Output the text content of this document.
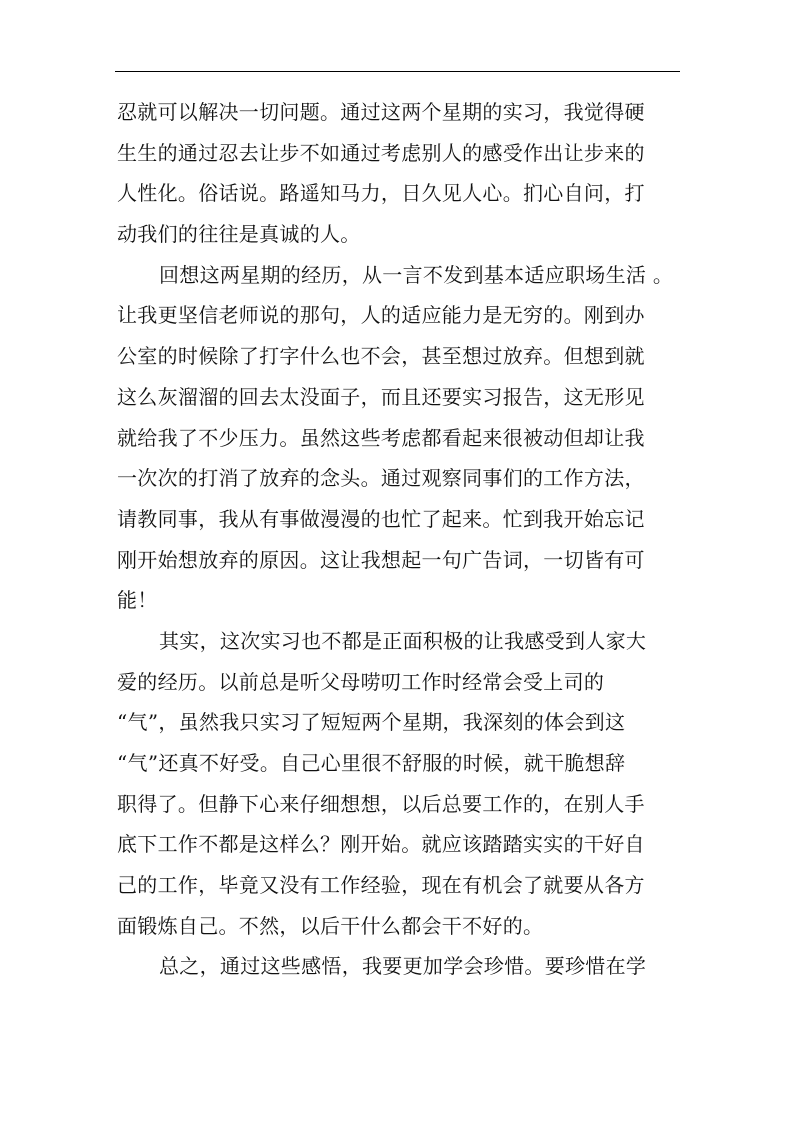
忍就可以解决一切问题。通过这两个星期的实习，我觉得硬
生生的通过忍去让步不如通过考虑别人的感受作出让步来的
人性化。俗话说。路遥知马力，日久见人心。扪心自问，打
动我们的往往是真诚的人。
回想这两星期的经历，从一言不发到基本适应职场生活 。
让我更坚信老师说的那句，人的适应能力是无穷的。刚到办
公室的时候除了打字什么也不会，甚至想过放弃。但想到就
这么灰溜溜的回去太没面子，而且还要实习报告，这无形见
就给我了不少压力。虽然这些考虑都看起来很被动但却让我
一次次的打消了放弃的念头。通过观察同事们的工作方法，
请教同事，我从有事做漫漫的也忙了起来。忙到我开始忘记
刚开始想放弃的原因。这让我想起一句广告词，一切皆有可
能！
其实，这次实习也不都是正面积极的让我感受到人家大
爱的经历。以前总是听父母唠叨工作时经常会受上司的
“气”，虽然我只实习了短短两个星期，我深刻的体会到这
“气”还真不好受。自己心里很不舒服的时候，就干脆想辞
职得了。但静下心来仔细想想，以后总要工作的，在别人手
底下工作不都是这样么？刚开始。就应该踏踏实实的干好自
己的工作，毕竟又没有工作经验，现在有机会了就要从各方
面锻炼自己。不然，以后干什么都会干不好的。
总之，通过这些感悟，我要更加学会珍惜。要珍惜在学
